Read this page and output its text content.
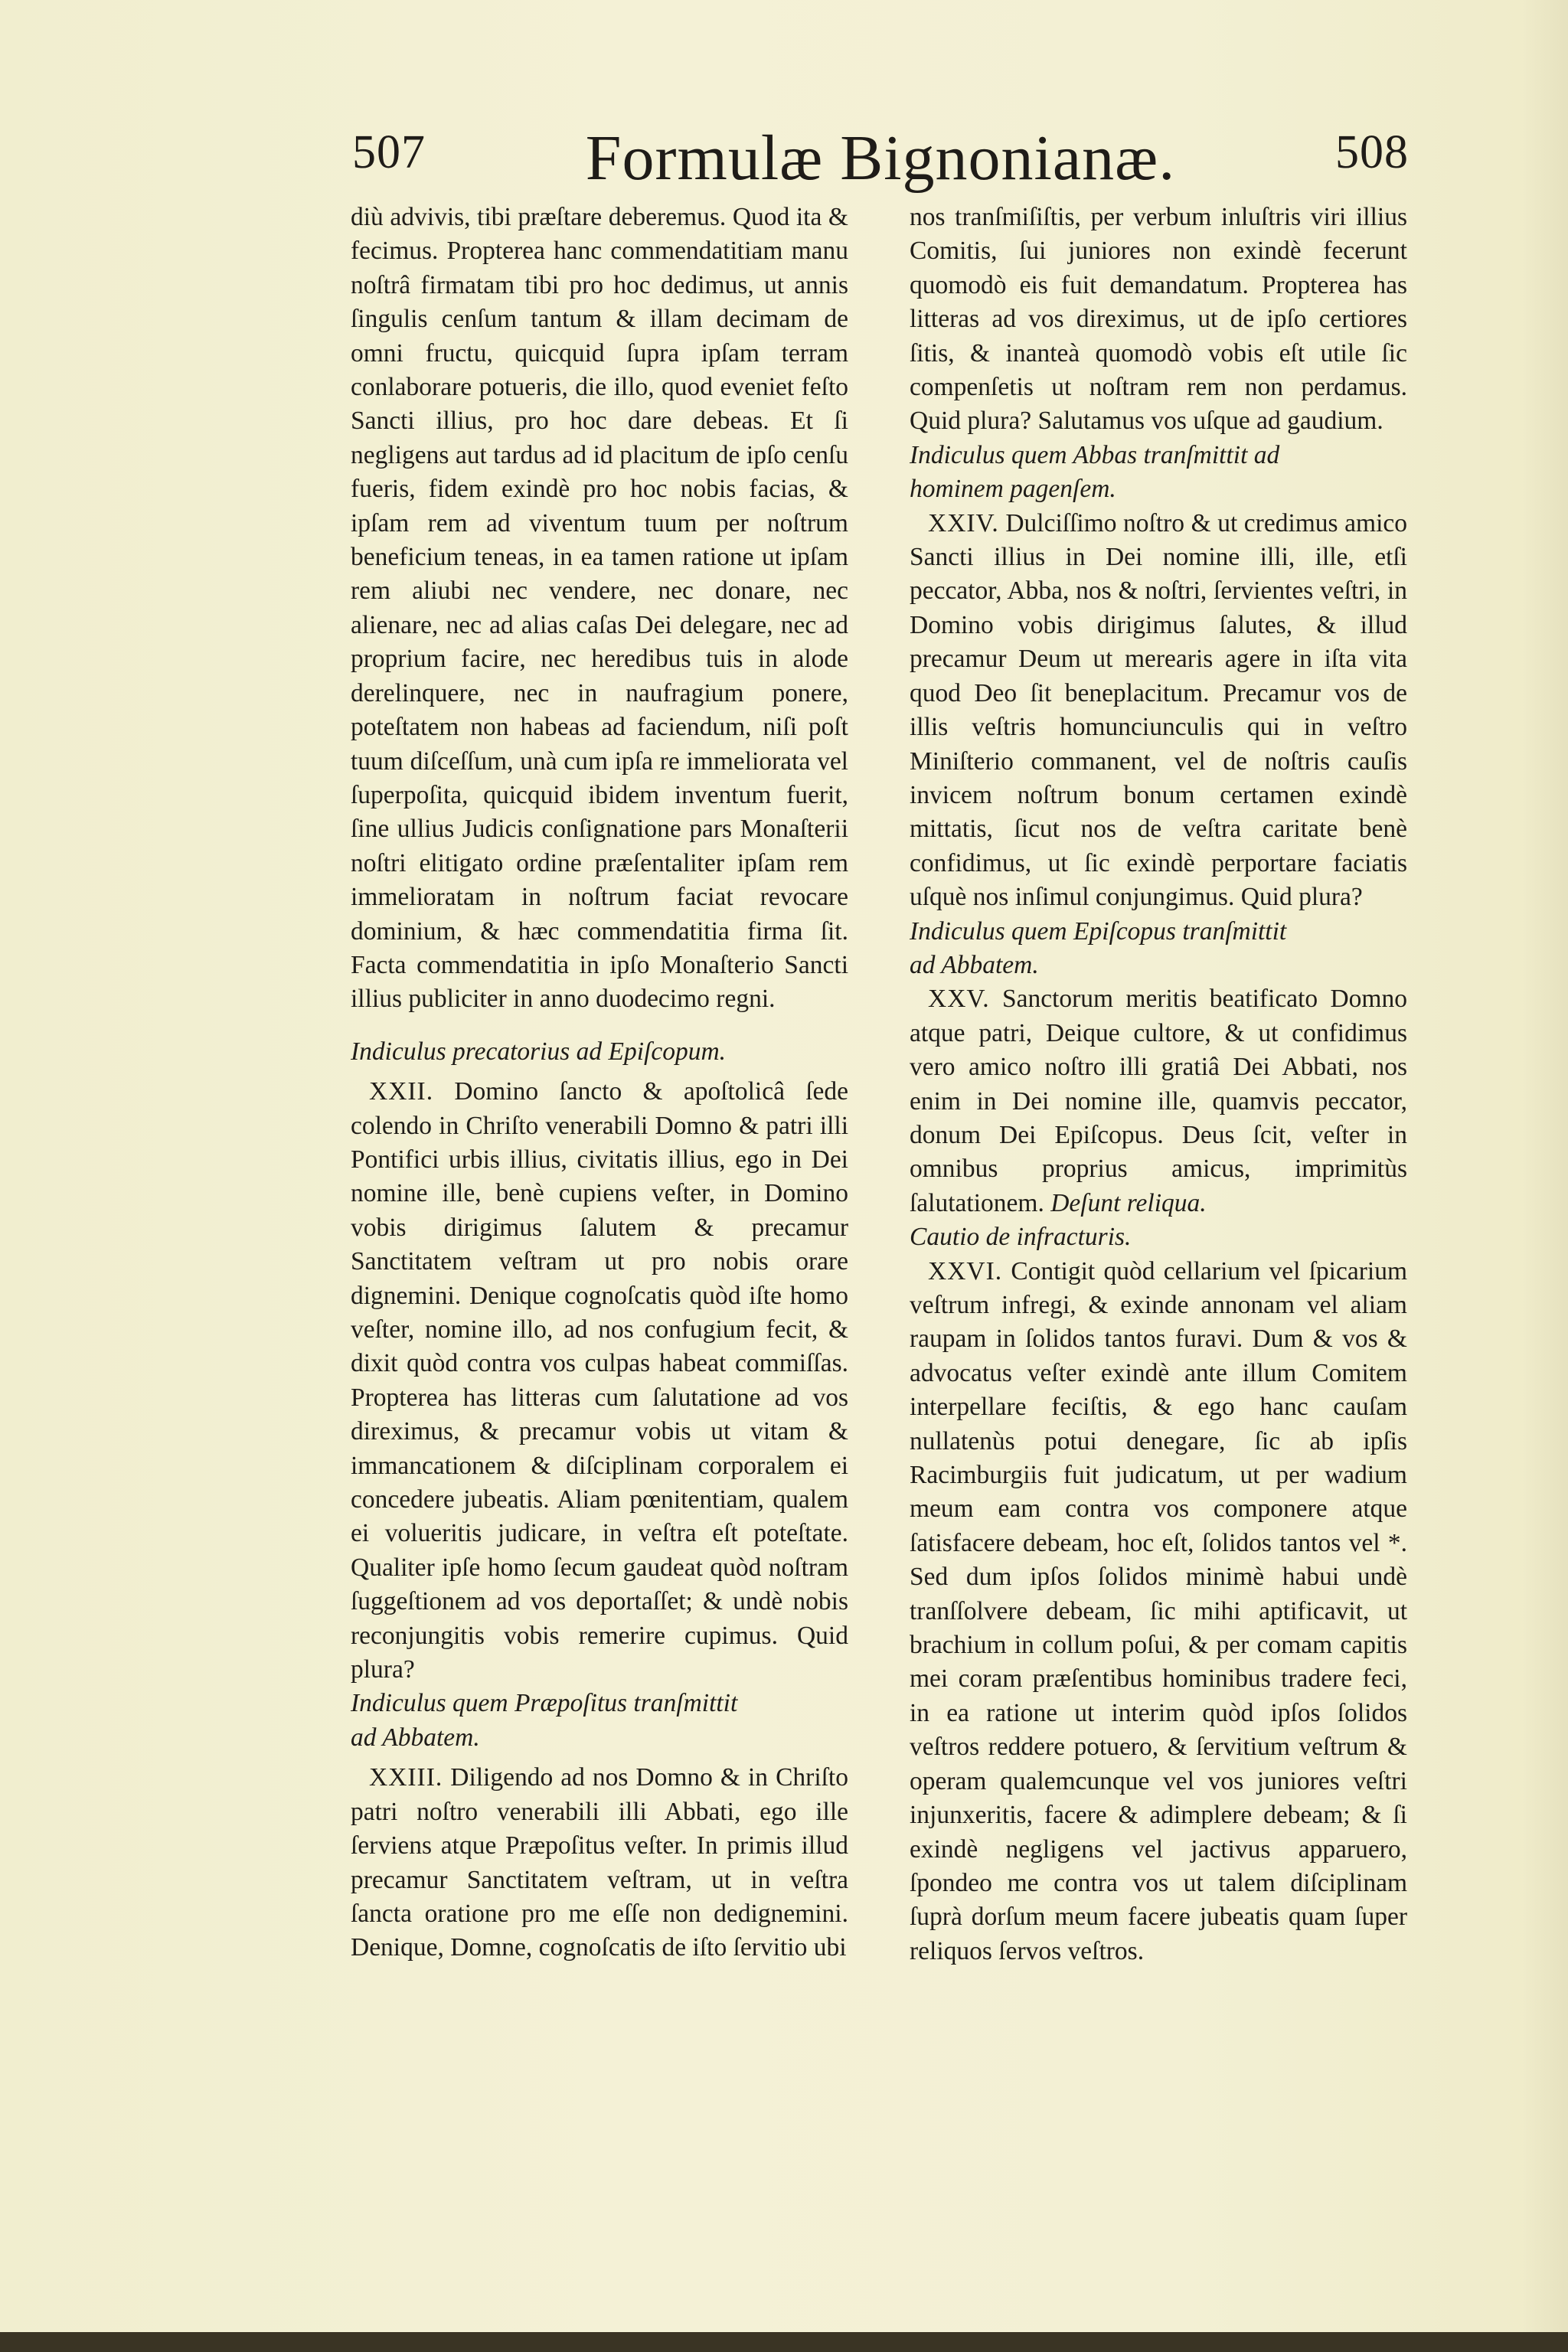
507	Formulæ Bignonianæ.	508

diù advivis, tibi præſtare deberemus. Quod ita & fecimus. Propterea hanc commendatitiam manu noſtrâ firmatam tibi pro hoc dedimus, ut annis ſingulis cenſum tantum & illam decimam de omni fructu, quicquid ſupra ipſam terram conlaborare potueris, die illo, quod eveniet feſto Sancti illius, pro hoc dare debeas. Et ſi negligens aut tardus ad id placitum de ipſo cenſu fueris, fidem exindè pro hoc nobis facias, & ipſam rem ad viventum tuum per noſtrum beneficium teneas, in ea tamen ratione ut ipſam rem aliubi nec vendere, nec donare, nec alienare, nec ad alias caſas Dei delegare, nec ad proprium facire, nec heredibus tuis in alode derelinquere, nec in naufragium ponere, poteſtatem non habeas ad faciendum, niſi poſt tuum diſceſſum, unà cum ipſa re immeliorata vel ſuperpoſita, quicquid ibidem inventum fuerit, ſine ullius Judicis conſignatione pars Monaſterii noſtri elitigato ordine præſentaliter ipſam rem immelioratam in noſtrum faciat revocare dominium, & hæc commendatitia firma ſit. Facta commendatitia in ipſo Monaſterio Sancti illius publiciter in anno duodecimo regni.

Indiculus precatorius ad Epiſcopum.

XXII. Domino ſancto & apoſtolicâ ſede colendo in Chriſto venerabili Domno & patri illi Pontifici urbis illius, civitatis illius, ego in Dei nomine ille, benè cupiens veſter, in Domino vobis dirigimus ſalutem & precamur Sanctitatem veſtram ut pro nobis orare dignemini. Denique cognoſcatis quòd iſte homo veſter, nomine illo, ad nos confugium fecit, & dixit quòd contra vos culpas habeat commiſſas. Propterea has litteras cum ſalutatione ad vos direximus, & precamur vobis ut vitam & immancationem & diſciplinam corporalem ei concedere jubeatis. Aliam pœnitentiam, qualem ei volueritis judicare, in veſtra eſt poteſtate. Qualiter ipſe homo ſecum gaudeat quòd noſtram ſuggeſtionem ad vos deportaſſet; & undè nobis reconjungitis vobis remerire cupimus. Quid plura?

Indiculus quem Præpoſitus tranſmittit

ad Abbatem.

XXIII. Diligendo ad nos Domno & in Chriſto patri noſtro venerabili illi Abbati, ego ille ſerviens atque Præpoſitus veſter. In primis illud precamur Sanctitatem veſtram, ut in veſtra ſancta oratione pro me eſſe non dedignemini. Denique, Domne, cognoſcatis de iſto ſervitio ubi

nos tranſmiſiſtis, per verbum inluſtris viri illius Comitis, ſui juniores non exindè fecerunt quomodò eis fuit demandatum. Propterea has litteras ad vos direximus, ut de ipſo certiores ſitis, & inanteà quomodò vobis eſt utile ſic compenſetis ut noſtram rem non perdamus. Quid plura? Salutamus vos uſque ad gaudium.

Indiculus quem Abbas tranſmittit ad

hominem pagenſem.

XXIV. Dulciſſimo noſtro & ut credimus amico Sancti illius in Dei nomine illi, ille, etſi peccator, Abba, nos & noſtri, ſervientes veſtri, in Domino vobis dirigimus ſalutes, & illud precamur Deum ut merearis agere in iſta vita quod Deo ſit beneplacitum. Precamur vos de illis veſtris homunciunculis qui in veſtro Miniſterio commanent, vel de noſtris cauſis invicem noſtrum bonum certamen exindè mittatis, ſicut nos de veſtra caritate benè confidimus, ut ſic exindè perportare faciatis uſquè nos inſimul conjungimus. Quid plura?

Indiculus quem Epiſcopus tranſmittit

ad Abbatem.

XXV. Sanctorum meritis beatificato Domno atque patri, Deique cultore, & ut confidimus vero amico noſtro illi gratiâ Dei Abbati, nos enim in Dei nomine ille, quamvis peccator, donum Dei Epiſcopus. Deus ſcit, veſter in omnibus proprius amicus, imprimitùs ſalutationem. Deſunt reliqua.

Cautio de infracturis.

XXVI. Contigit quòd cellarium vel ſpicarium veſtrum infregi, & exinde annonam vel aliam raupam in ſolidos tantos furavi. Dum & vos & advocatus veſter exindè ante illum Comitem interpellare feciſtis, & ego hanc cauſam nullatenùs potui denegare, ſic ab ipſis Racimburgiis fuit judicatum, ut per wadium meum eam contra vos componere atque ſatisfacere debeam, hoc eſt, ſolidos tantos vel *. Sed dum ipſos ſolidos minimè habui undè tranſſolvere debeam, ſic mihi aptificavit, ut brachium in collum poſui, & per comam capitis mei coram præſentibus hominibus tradere feci, in ea ratione ut interim quòd ipſos ſolidos veſtros reddere potuero, & ſervitium veſtrum & operam qualemcunque vel vos juniores veſtri injunxeritis, facere & adimplere debeam; & ſi exindè negligens vel jactivus apparuero, ſpondeo me contra vos ut talem diſciplinam ſuprà dorſum meum facere jubeatis quam ſuper reliquos ſervos veſtros.
